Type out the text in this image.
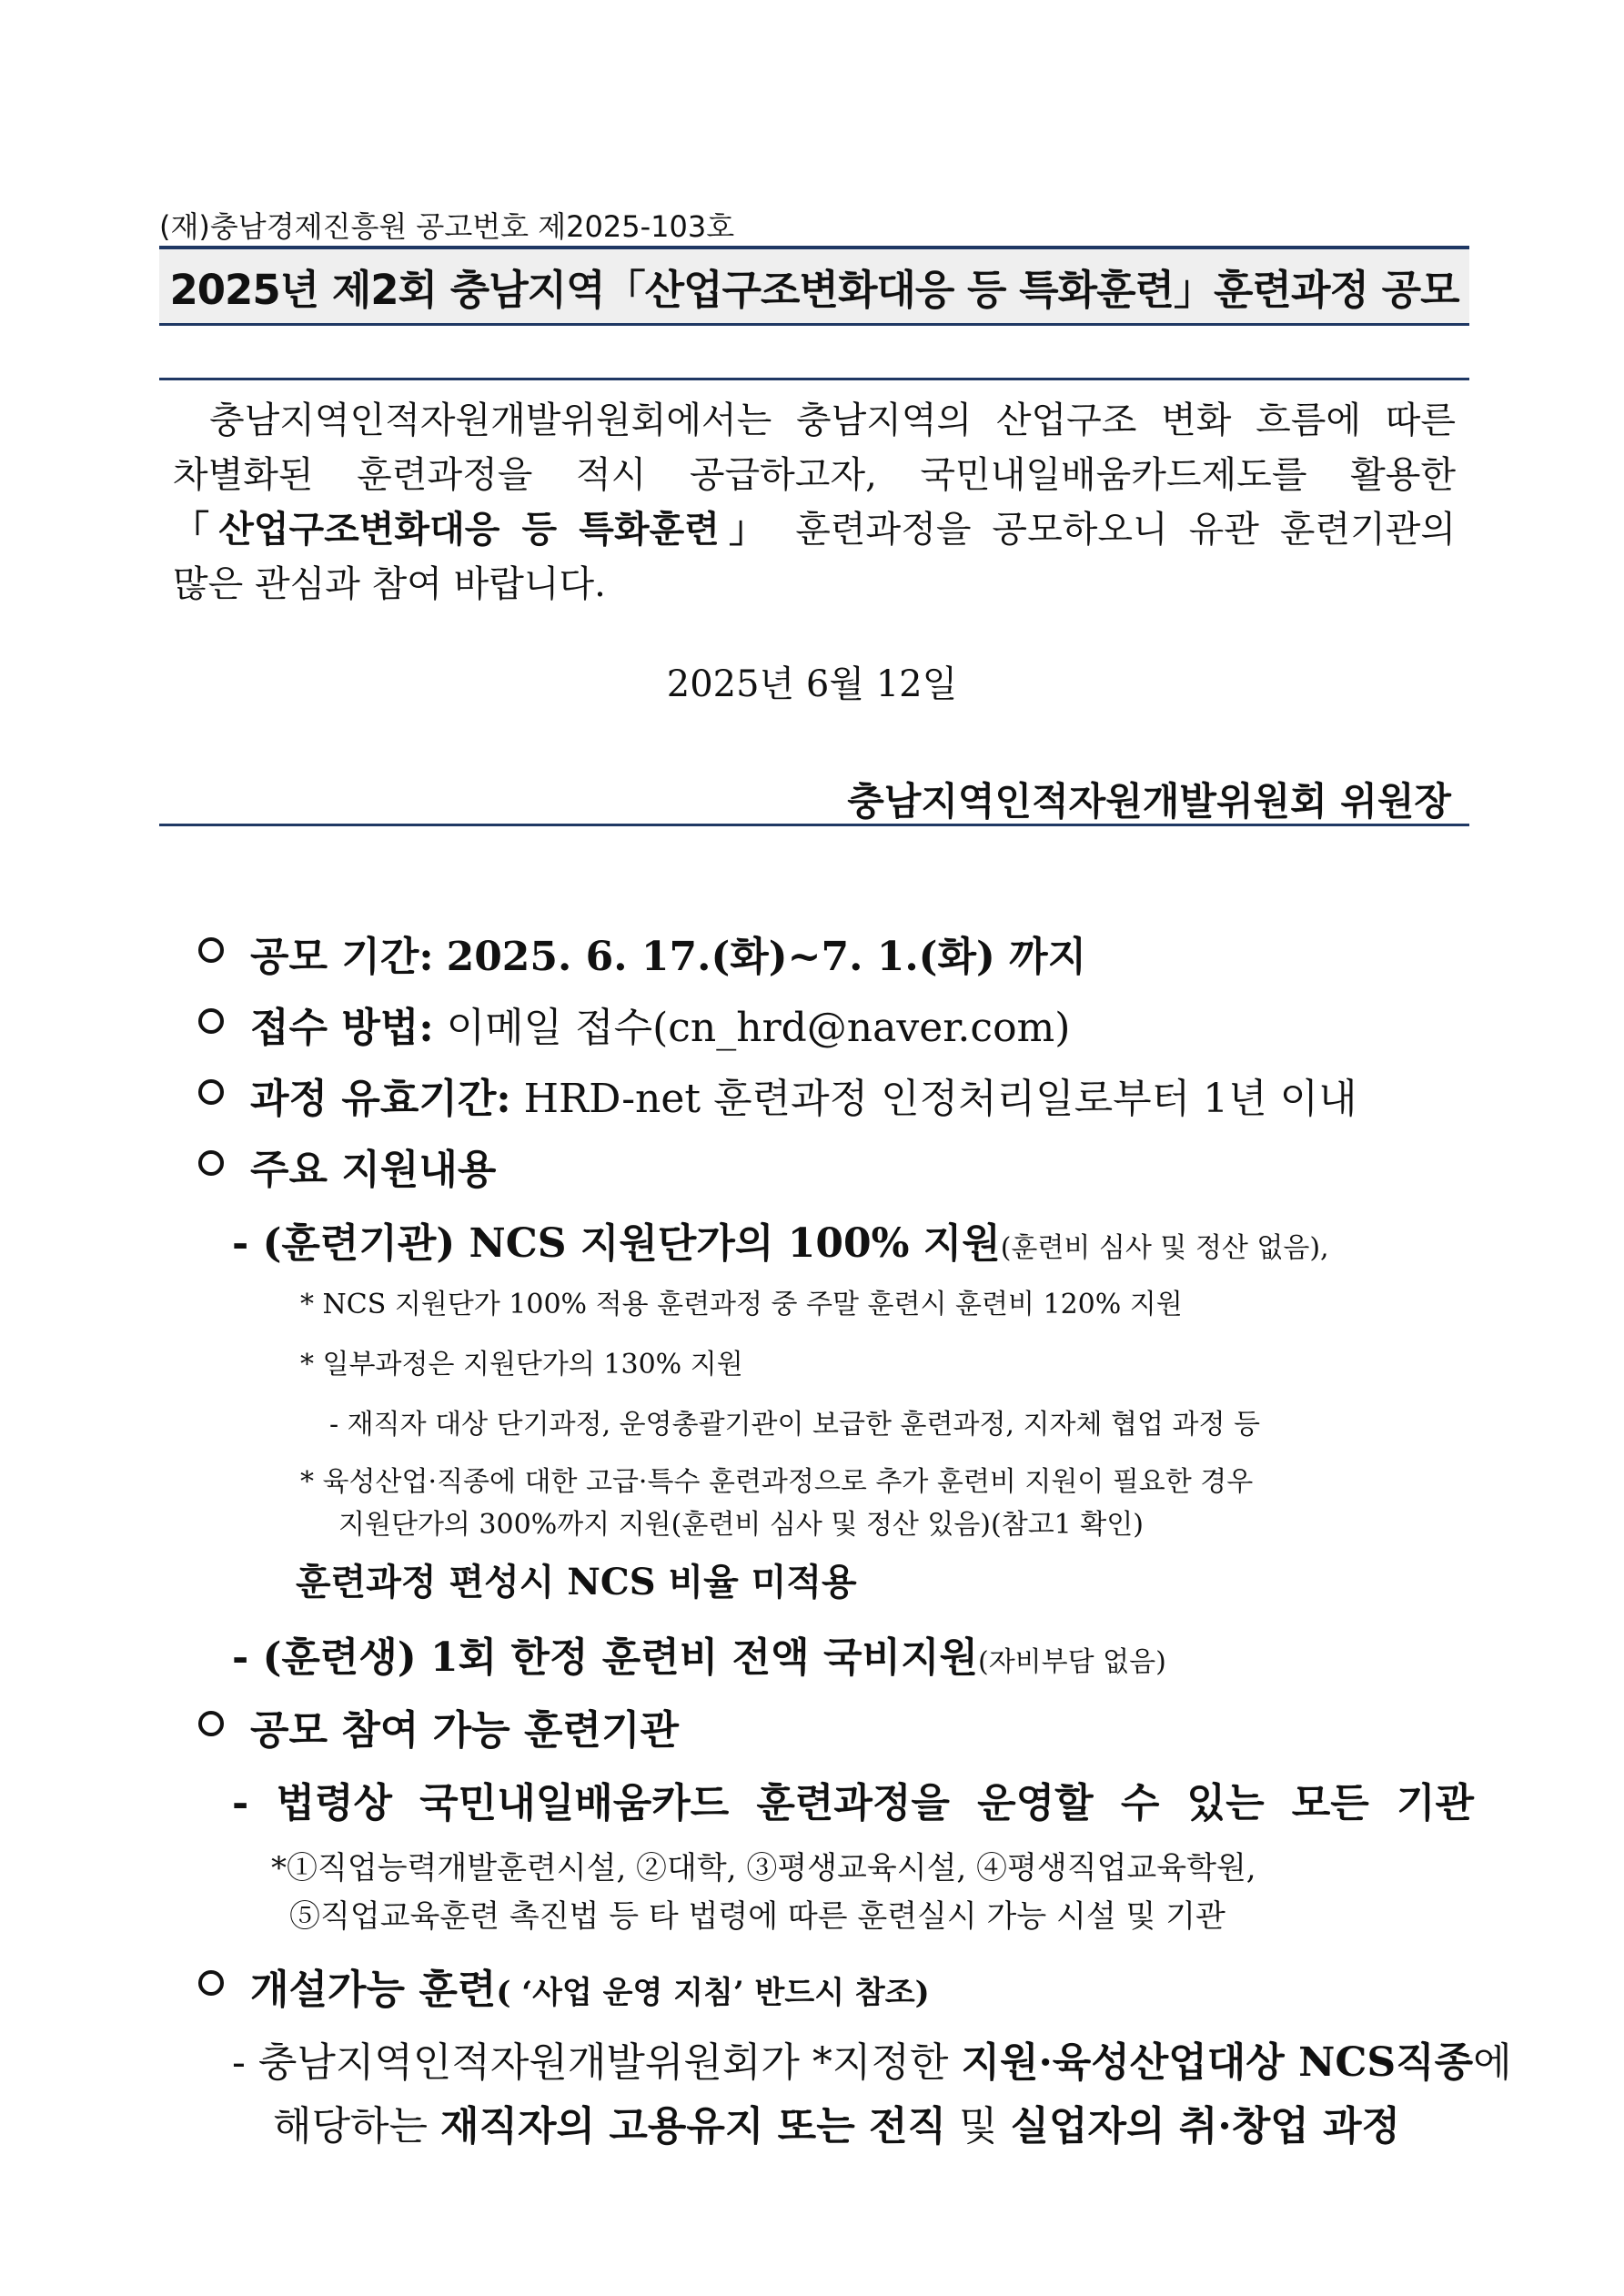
(재)충남경제진흥원 공고번호 제2025-103호
2025년 제2회 충남지역「산업구조변화대응 등 특화훈련」훈련과정 공모
충남지역인적자원개발위원회에서는 충남지역의 산업구조 변화 흐름에 따른
차별화된 훈련과정을 적시 공급하고자, 국민내일배움카드제도를 활용한
「산업구조변화대응 등 특화훈련」 훈련과정을 공모하오니 유관 훈련기관의
많은 관심과 참여 바랍니다.
2025년 6월 12일
충남지역인적자원개발위원회 위원장
공모 기간: 2025. 6. 17.(화)~7. 1.(화) 까지
접수 방법: 이메일 접수(cn_hrd@naver.com)
과정 유효기간: HRD-net 훈련과정 인정처리일로부터 1년 이내
주요 지원내용
- (훈련기관) NCS 지원단가의 100% 지원(훈련비 심사 및 정산 없음),
* NCS 지원단가 100% 적용 훈련과정 중 주말 훈련시 훈련비 120% 지원
* 일부과정은 지원단가의 130% 지원
- 재직자 대상 단기과정, 운영총괄기관이 보급한 훈련과정, 지자체 협업 과정 등
* 육성산업·직종에 대한 고급·특수 훈련과정으로 추가 훈련비 지원이 필요한 경우
지원단가의 300%까지 지원(훈련비 심사 및 정산 있음)(참고1 확인)
훈련과정 편성시 NCS 비율 미적용
- (훈련생) 1회 한정 훈련비 전액 국비지원(자비부담 없음)
공모 참여 가능 훈련기관
- 법령상 국민내일배움카드 훈련과정을 운영할 수 있는 모든 기관
*①직업능력개발훈련시설, ②대학, ③평생교육시설, ④평생직업교육학원,
⑤직업교육훈련 촉진법 등 타 법령에 따른 훈련실시 가능 시설 및 기관
개설가능 훈련( ‘사업 운영 지침’ 반드시 참조)
- 충남지역인적자원개발위원회가 *지정한 지원·육성산업대상 NCS직종에
해당하는 재직자의 고용유지 또는 전직 및 실업자의 취·창업 과정
